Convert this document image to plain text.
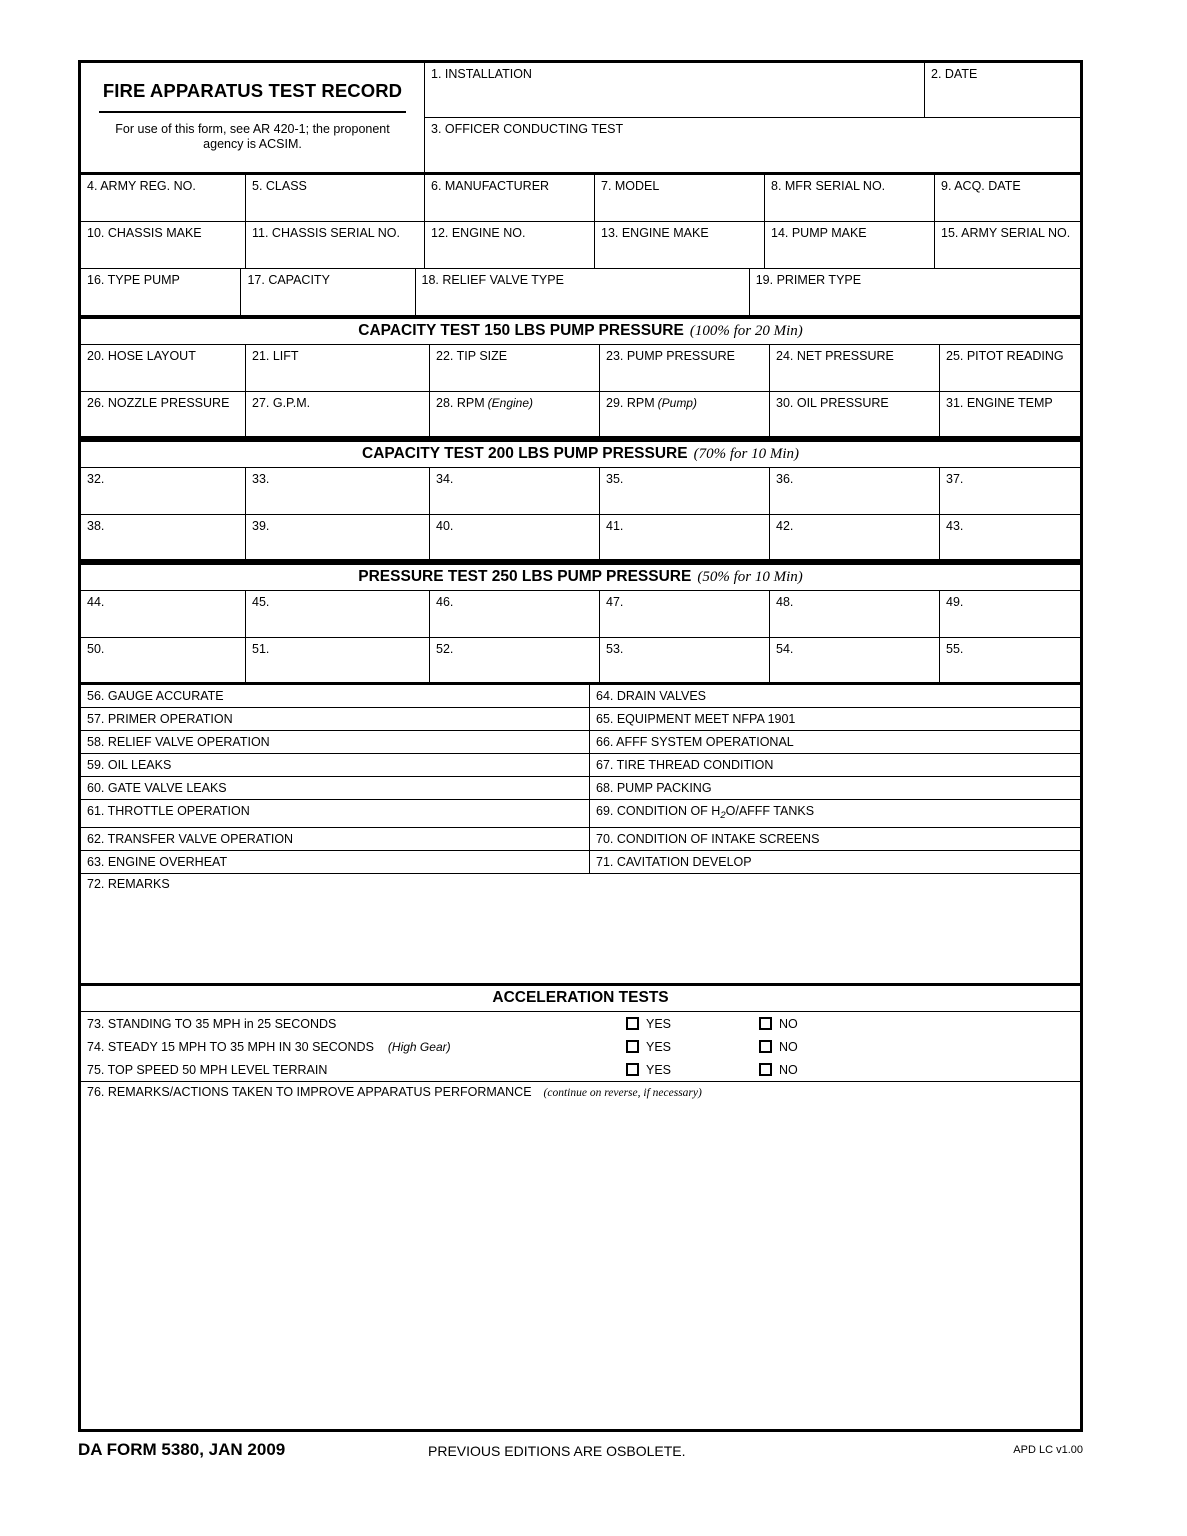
FIRE APPARATUS TEST RECORD
For use of this form, see AR 420-1; the proponent agency is ACSIM.
1. INSTALLATION	2. DATE
3. OFFICER CONDUCTING TEST
4. ARMY REG. NO.	5. CLASS	6. MANUFACTURER	7. MODEL	8. MFR SERIAL NO.	9. ACQ. DATE
10. CHASSIS MAKE	11. CHASSIS SERIAL NO.	12. ENGINE NO.	13. ENGINE MAKE	14. PUMP MAKE	15. ARMY SERIAL NO.
16. TYPE PUMP	17. CAPACITY	18. RELIEF VALVE TYPE	19. PRIMER TYPE
CAPACITY TEST 150 LBS PUMP PRESSURE (100% for 20 Min)
20. HOSE LAYOUT	21. LIFT	22. TIP SIZE	23. PUMP PRESSURE	24. NET PRESSURE	25. PITOT READING
26. NOZZLE PRESSURE	27. G.P.M.	28. RPM (Engine)	29. RPM (Pump)	30. OIL PRESSURE	31. ENGINE TEMP
CAPACITY TEST 200 LBS PUMP PRESSURE (70% for 10 Min)
32.	33.	34.	35.	36.	37.
38.	39.	40.	41.	42.	43.
PRESSURE TEST 250 LBS PUMP PRESSURE (50% for 10 Min)
44.	45.	46.	47.	48.	49.
50.	51.	52.	53.	54.	55.
56. GAUGE ACCURATE	64. DRAIN VALVES
57. PRIMER OPERATION	65. EQUIPMENT MEET NFPA 1901
58. RELIEF VALVE OPERATION	66. AFFF SYSTEM OPERATIONAL
59. OIL LEAKS	67. TIRE THREAD CONDITION
60. GATE VALVE LEAKS	68. PUMP PACKING
61. THROTTLE OPERATION	69. CONDITION OF $H_2O$/AFFF TANKS
62. TRANSFER VALVE OPERATION	70. CONDITION OF INTAKE SCREENS
63. ENGINE OVERHEAT	71. CAVITATION DEVELOP
72. REMARKS
ACCELERATION TESTS
73. STANDING TO 35 MPH in 25 SECONDS	YES	NO
74. STEADY 15 MPH TO 35 MPH IN 30 SECONDS (High Gear)	YES	NO
75. TOP SPEED 50 MPH LEVEL TERRAIN	YES	NO
76. REMARKS/ACTIONS TAKEN TO IMPROVE APPARATUS PERFORMANCE (continue on reverse, if necessary)
DA FORM 5380, JAN 2009	PREVIOUS EDITIONS ARE OSBOLETE.	APD LC v1.00
